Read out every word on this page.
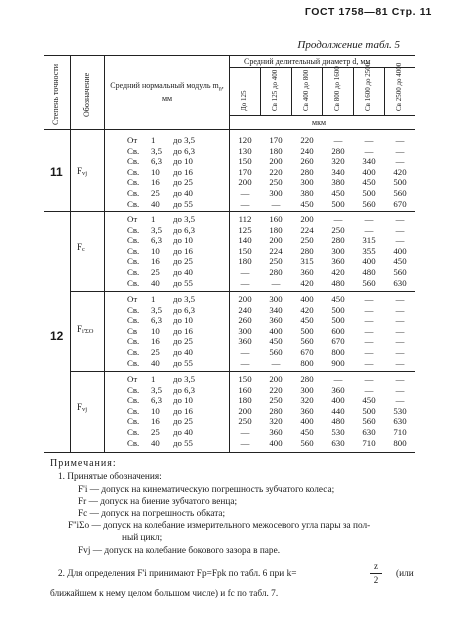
ГОСТ 1758—81 Стр. 11
Продолжение табл. 5
Степень точности	Обозначение Средний нормальный модуль $m_n$, мм
Средний делительный диаметр d, мм
мкм
До 125	Св 125 до 400	Св 400 до 800	Св 800 до 1600	Св 1600 до 2500	Св 2500 до 4000
$F_{vj}$
11
От 1 до 3,5	120	170	220	—	—	—
Св. 3,5 до 6,3	130	180	240	280	—	—
Св. 6,3 до 10	150	200	260	320	340	—
Св. 10 до 16	170	220	280	340	400	420
Св. 16 до 25	200	250	300	380	450	500
Св. 25 до 40	—	300	380	450	500	560
Св. 40 до 55	—	—	450	500	560	670
$F_c$
От 1 до 3,5	112	160	200	—	—	—
Св. 3,5 до 6,3	125	180	224	250	—	—
Св. 6,3 до 10	140	200	250	280	315	—
Св. 10 до 16	150	224	280	300	355	400
Св. 16 до 25	180	250	315	360	400	450
Св. 25 до 40	—	280	360	420	480	560
Св. 40 до 55	—	—	420	480	560	630
$F_{i'\Sigma O}$
12
От 1 до 3,5	200	300	400	450	—	—
Св. 3,5 до 6,3	240	340	420	500	—	—
Св. 6,3 до 10	260	360	450	500	—	—
Св 10 до 16	300	400	500	600	—	—
Св. 16 до 25	360	450	560	670	—	—
Св. 25 до 40	—	560	670	800	—	—
Св. 40 до 55	—	—	800	900	—	—
$F_{vj}$
От 1 до 3,5	150	200	280	—	—	—
Св. 3,5 до 6,3	160	220	300	360	—	—
Св. 6,3 до 10	180	250	320	400	450	—
Св. 10 до 16	200	280	360	440	500	530
Св. 16 до 25	250	320	400	480	560	630
Св. 25 до 40	—	360	450	530	630	710
Св. 40 до 55	—	400	560	630	710	800
Примечания:
1. Принятые обозначения:
F'i — допуск на кинематическую погрешность зубчатого колеса;
Fr — допуск на биение зубчатого венца;
Fc — допуск на погрешность обката;
F''iΣo — допуск на колебание измерительного межосевого угла пары за пол-
ный цикл;
Fvj — допуск на колебание бокового зазора в паре.
2. Для определения F'i принимают Fp=Fpk по табл. 6 при k=
z
2
(или
ближайшем к нему целом большом числе) и fc по табл. 7.
